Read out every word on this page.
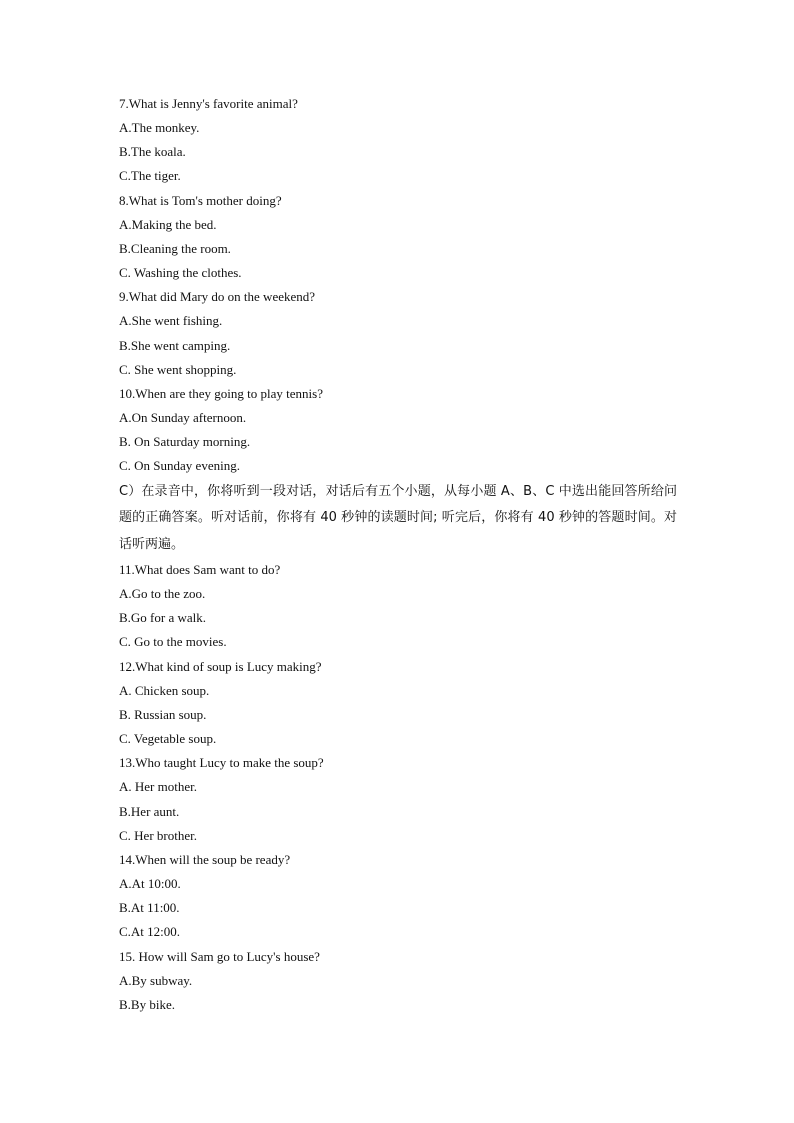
7.What is Jenny's favorite animal?
A.The monkey.
B.The koala.
C.The tiger.
8.What is Tom's mother doing?
A.Making the bed.
B.Cleaning the room.
C. Washing the clothes.
9.What did Mary do on the weekend?
A.She went fishing.
B.She went camping.
C. She went shopping.
10.When are they going to play tennis?
A.On Sunday afternoon.
B. On Saturday morning.
C. On Sunday evening.

C）在录音中，你将听到一段对话，对话后有五个小题，从每小题 A、B、C 中选出能回答所给问题的正确答案。听对话前，你将有 40 秒钟的读题时间; 听完后，你将有 40 秒钟的答题时间。对话听两遍。

11.What does Sam want to do?
A.Go to the zoo.
B.Go for a walk.
C. Go to the movies.
12.What kind of soup is Lucy making?
A. Chicken soup.
B. Russian soup.
C. Vegetable soup.
13.Who taught Lucy to make the soup?
A. Her mother.
B.Her aunt.
C. Her brother.
14.When will the soup be ready?
A.At 10:00.
B.At 11:00.
C.At 12:00.
15. How will Sam go to Lucy's house?
A.By subway.
B.By bike.
